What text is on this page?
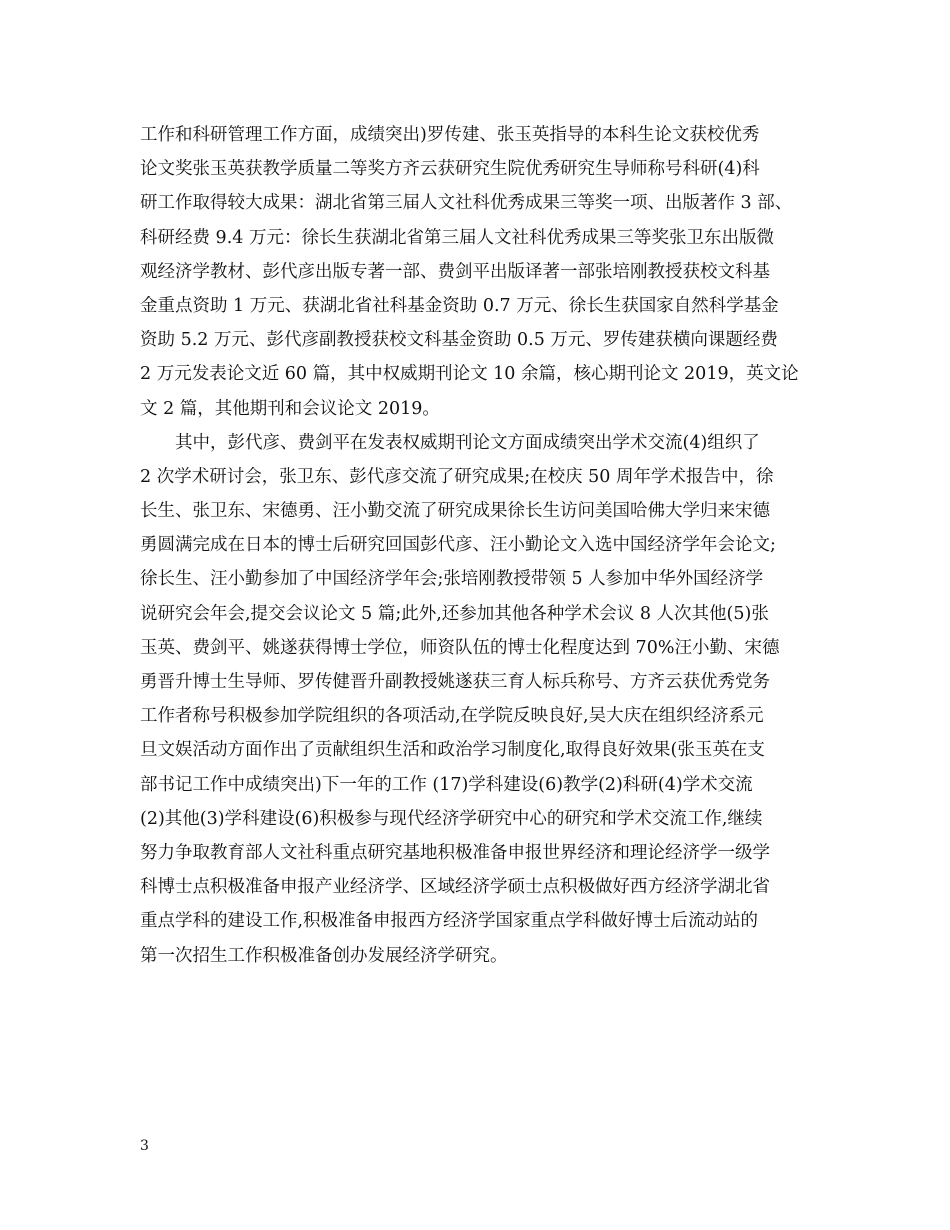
工作和科研管理工作方面，成绩突出)罗传建、张玉英指导的本科生论文获校优秀
论文奖张玉英获教学质量二等奖方齐云获研究生院优秀研究生导师称号科研(4)科
研工作取得较大成果：湖北省第三届人文社科优秀成果三等奖一项、出版著作 3 部、
科研经费 9.4 万元：徐长生获湖北省第三届人文社科优秀成果三等奖张卫东出版微
观经济学教材、彭代彦出版专著一部、费剑平出版译著一部张培刚教授获校文科基
金重点资助 1 万元、获湖北省社科基金资助 0.7 万元、徐长生获国家自然科学基金
资助 5.2 万元、彭代彦副教授获校文科基金资助 0.5 万元、罗传建获横向课题经费
2 万元发表论文近 60 篇，其中权威期刊论文 10 余篇，核心期刊论文 2019，英文论
文 2 篇，其他期刊和会议论文 2019。
　　其中，彭代彦、费剑平在发表权威期刊论文方面成绩突出学术交流(4)组织了
2 次学术研讨会，张卫东、彭代彦交流了研究成果;在校庆 50 周年学术报告中，徐
长生、张卫东、宋德勇、汪小勤交流了研究成果徐长生访问美国哈佛大学归来宋德
勇圆满完成在日本的博士后研究回国彭代彦、汪小勤论文入选中国经济学年会论文;
徐长生、汪小勤参加了中国经济学年会;张培刚教授带领 5 人参加中华外国经济学
说研究会年会,提交会议论文 5 篇;此外,还参加其他各种学术会议 8 人次其他(5)张
玉英、费剑平、姚遂获得博士学位，师资队伍的博士化程度达到 70%汪小勤、宋德
勇晋升博士生导师、罗传健晋升副教授姚遂获三育人标兵称号、方齐云获优秀党务
工作者称号积极参加学院组织的各项活动,在学院反映良好,吴大庆在组织经济系元
旦文娱活动方面作出了贡献组织生活和政治学习制度化,取得良好效果(张玉英在支
部书记工作中成绩突出)下一年的工作 (17)学科建设(6)教学(2)科研(4)学术交流
(2)其他(3)学科建设(6)积极参与现代经济学研究中心的研究和学术交流工作,继续
努力争取教育部人文社科重点研究基地积极准备申报世界经济和理论经济学一级学
科博士点积极准备申报产业经济学、区域经济学硕士点积极做好西方经济学湖北省
重点学科的建设工作,积极准备申报西方经济学国家重点学科做好博士后流动站的
第一次招生工作积极准备创办发展经济学研究。
3
